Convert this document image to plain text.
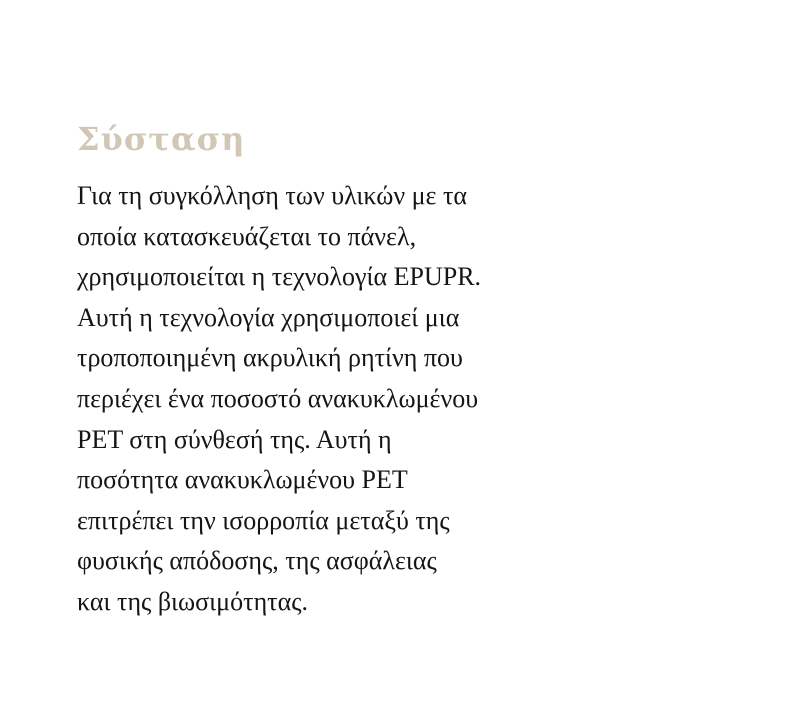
Σύσταση

Για τη συγκόλληση των υλικών με τα
οποία κατασκευάζεται το πάνελ,
χρησιμοποιείται η τεχνολογία EPUPR.
Αυτή η τεχνολογία χρησιμοποιεί μια
τροποποιημένη ακρυλική ρητίνη που
περιέχει ένα ποσοστό ανακυκλωμένου
PET στη σύνθεσή της. Αυτή η
ποσότητα ανακυκλωμένου PET
επιτρέπει την ισορροπία μεταξύ της
φυσικής απόδοσης, της ασφάλειας
και της βιωσιμότητας.
